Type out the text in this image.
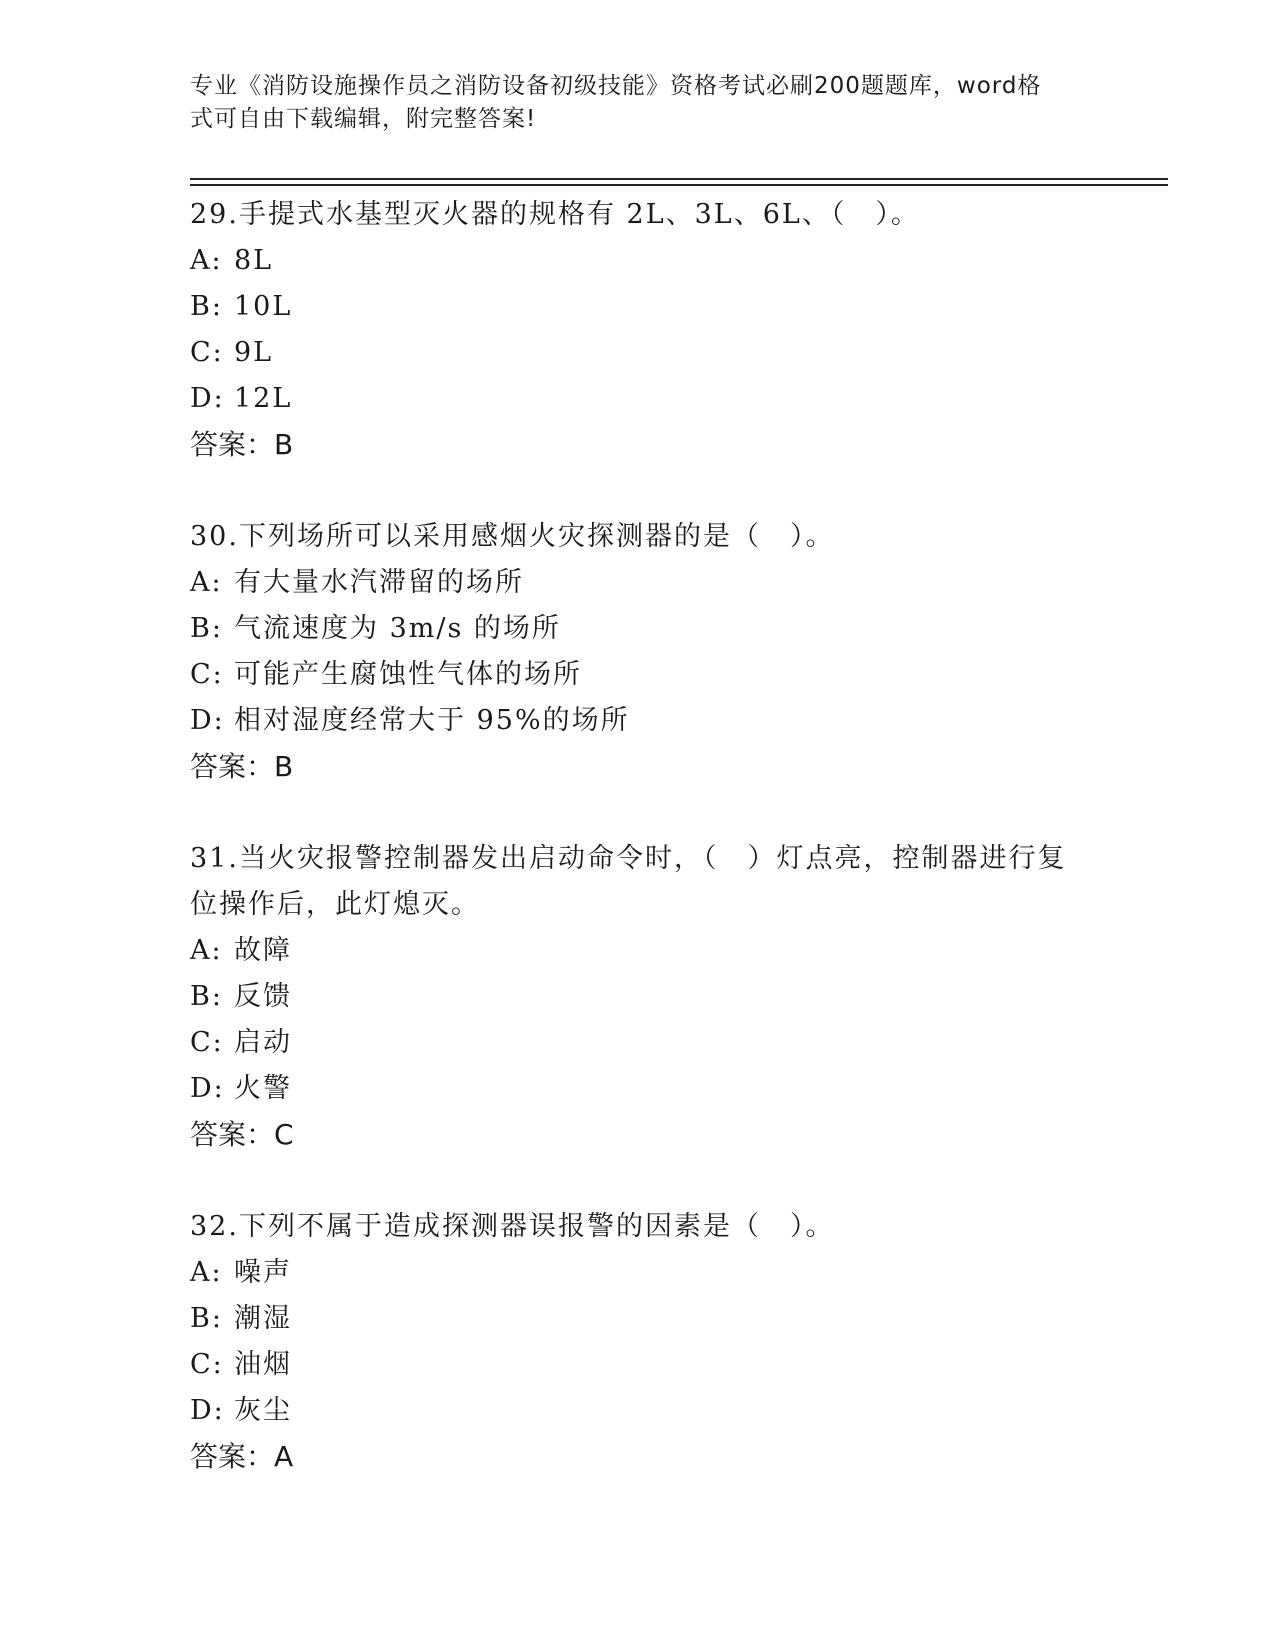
专业《消防设施操作员之消防设备初级技能》资格考试必刷200题题库，word格
式可自由下载编辑，附完整答案!
29.手提式水基型灭火器的规格有 2L、3L、6L、（　）。
A: 8L
B: 10L
C: 9L
D: 12L
答案：B
30.下列场所可以采用感烟火灾探测器的是（　）。
A: 有大量水汽滞留的场所
B: 气流速度为 3m/s 的场所
C: 可能产生腐蚀性气体的场所
D: 相对湿度经常大于 95%的场所
答案：B
31.当火灾报警控制器发出启动命令时，（　）灯点亮，控制器进行复
位操作后，此灯熄灭。
A: 故障
B: 反馈
C: 启动
D: 火警
答案：C
32.下列不属于造成探测器误报警的因素是（　）。
A: 噪声
B: 潮湿
C: 油烟
D: 灰尘
答案：A
